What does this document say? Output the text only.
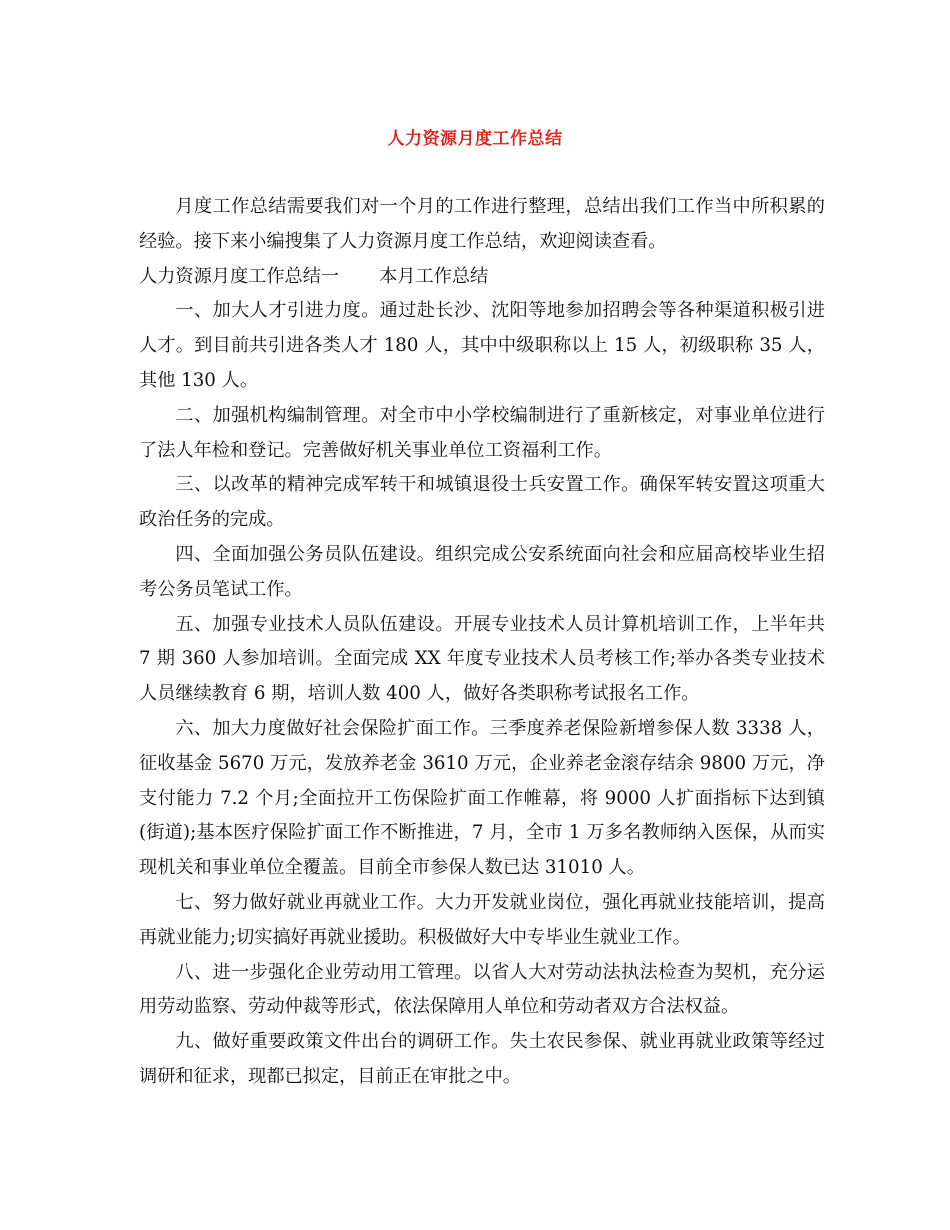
人力资源月度工作总结

月度工作总结需要我们对一个月的工作进行整理，总结出我们工作当中所积累的经验。接下来小编搜集了人力资源月度工作总结，欢迎阅读查看。

人力资源月度工作总结一 本月工作总结

一、加大人才引进力度。通过赴长沙、沈阳等地参加招聘会等各种渠道积极引进人才。到目前共引进各类人才 180 人，其中中级职称以上 15 人，初级职称 35 人，其他 130 人。

二、加强机构编制管理。对全市中小学校编制进行了重新核定，对事业单位进行了法人年检和登记。完善做好机关事业单位工资福利工作。

三、以改革的精神完成军转干和城镇退役士兵安置工作。确保军转安置这项重大政治任务的完成。

四、全面加强公务员队伍建设。组织完成公安系统面向社会和应届高校毕业生招考公务员笔试工作。

五、加强专业技术人员队伍建设。开展专业技术人员计算机培训工作，上半年共 7 期 360 人参加培训。全面完成 XX 年度专业技术人员考核工作;举办各类专业技术人员继续教育 6 期，培训人数 400 人，做好各类职称考试报名工作。

六、加大力度做好社会保险扩面工作。三季度养老保险新增参保人数 3338 人，征收基金 5670 万元，发放养老金 3610 万元，企业养老金滚存结余 9800 万元，净支付能力 7.2 个月;全面拉开工伤保险扩面工作帷幕，将 9000 人扩面指标下达到镇(街道);基本医疗保险扩面工作不断推进，7 月，全市 1 万多名教师纳入医保，从而实现机关和事业单位全覆盖。目前全市参保人数已达 31010 人。

七、努力做好就业再就业工作。大力开发就业岗位，强化再就业技能培训，提高再就业能力;切实搞好再就业援助。积极做好大中专毕业生就业工作。

八、进一步强化企业劳动用工管理。以省人大对劳动法执法检查为契机，充分运用劳动监察、劳动仲裁等形式，依法保障用人单位和劳动者双方合法权益。

九、做好重要政策文件出台的调研工作。失土农民参保、就业再就业政策等经过调研和征求，现都已拟定，目前正在审批之中。
